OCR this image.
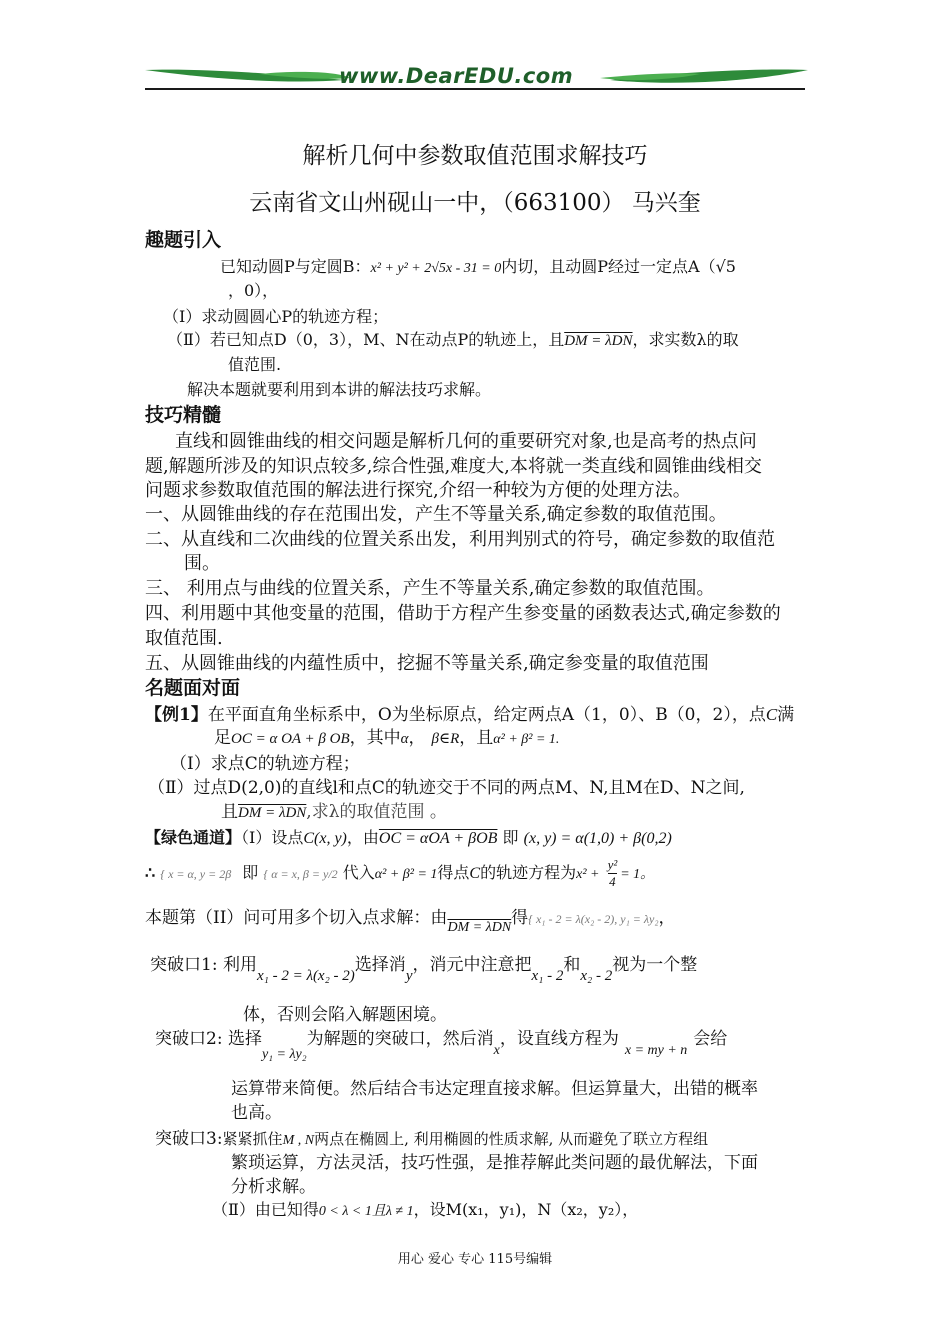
www.DearEDU.com
解析几何中参数取值范围求解技巧
云南省文山州砚山一中，（663100） 马兴奎
趣题引入
已知动圆P与定圆B：x² + y² + 2√5x - 31 = 0内切，且动圆P经过一定点A（√5
，0），
（Ⅰ）求动圆圆心P的轨迹方程；
（Ⅱ）若已知点D（0，3），M、N在动点P的轨迹上，且DM = λDN，求实数λ的取
值范围.
解决本题就要利用到本讲的解法技巧求解。
技巧精髓
直线和圆锥曲线的相交问题是解析几何的重要研究对象,也是高考的热点问
题,解题所涉及的知识点较多,综合性强,难度大,本将就一类直线和圆锥曲线相交
问题求参数取值范围的解法进行探究,介绍一种较为方便的处理方法。
一、从圆锥曲线的存在范围出发，产生不等量关系,确定参数的取值范围。
二、从直线和二次曲线的位置关系出发，利用判别式的符号，确定参数的取值范
围。
三、 利用点与曲线的位置关系，产生不等量关系,确定参数的取值范围。
四、利用题中其他变量的范围，借助于方程产生参变量的函数表达式,确定参数的
取值范围.
五、从圆锥曲线的内蕴性质中，挖掘不等量关系,确定参变量的取值范围
名题面对面
【例1】在平面直角坐标系中，O为坐标原点，给定两点A（1，0）、B（0，2），点C满
足OC = α OA + β OB，其中α， β∈R，且α² + β² = 1.
（Ⅰ）求点C的轨迹方程；
（Ⅱ）过点D(2,0)的直线l和点C的轨迹交于不同的两点M、N,且M在D、N之间,
且DM = λDN,求λ的取值范围 。
【绿色通道】（Ⅰ）设点C(x, y)，由OC = αOA + βOB 即 (x, y) = α(1,0) + β(0,2)
∴ { x = α, y = 2β 即 { α = x, β = y/2 代入α² + β² = 1得点C的轨迹方程为$x^2 + \frac{\text{y²}}{4} = 1$。
本题第（II）问可用多个切入点求解：由$_{DM = \lambda DN}$得{ x₁ - 2 = λ(x₂ - 2), y₁ = λy₂，
突破口1: 利用x₁ - 2 = λ(x₂ - 2)选择消y，消元中注意把x₁ - 2和x₂ - 2视为一个整
体，否则会陷入解题困境。
突破口2: 选择$_{y_1 = \lambda y_2}$为解题的突破口，然后消$_x$，设直线方程为$_{x = my + n}$会给
运算带来简便。然后结合韦达定理直接求解。但运算量大，出错的概率
也高。
突破口3:紧紧抓住M , N两点在椭圆上, 利用椭圆的性质求解, 从而避免了联立方程组
繁琐运算，方法灵活，技巧性强，是推荐解此类问题的最优解法，下面
分析求解。
（Ⅱ）由已知得0 < λ < 1且λ ≠ 1，设M(x₁，y₁)，N（x₂，y₂），
用心 爱心 专心 115号编辑
